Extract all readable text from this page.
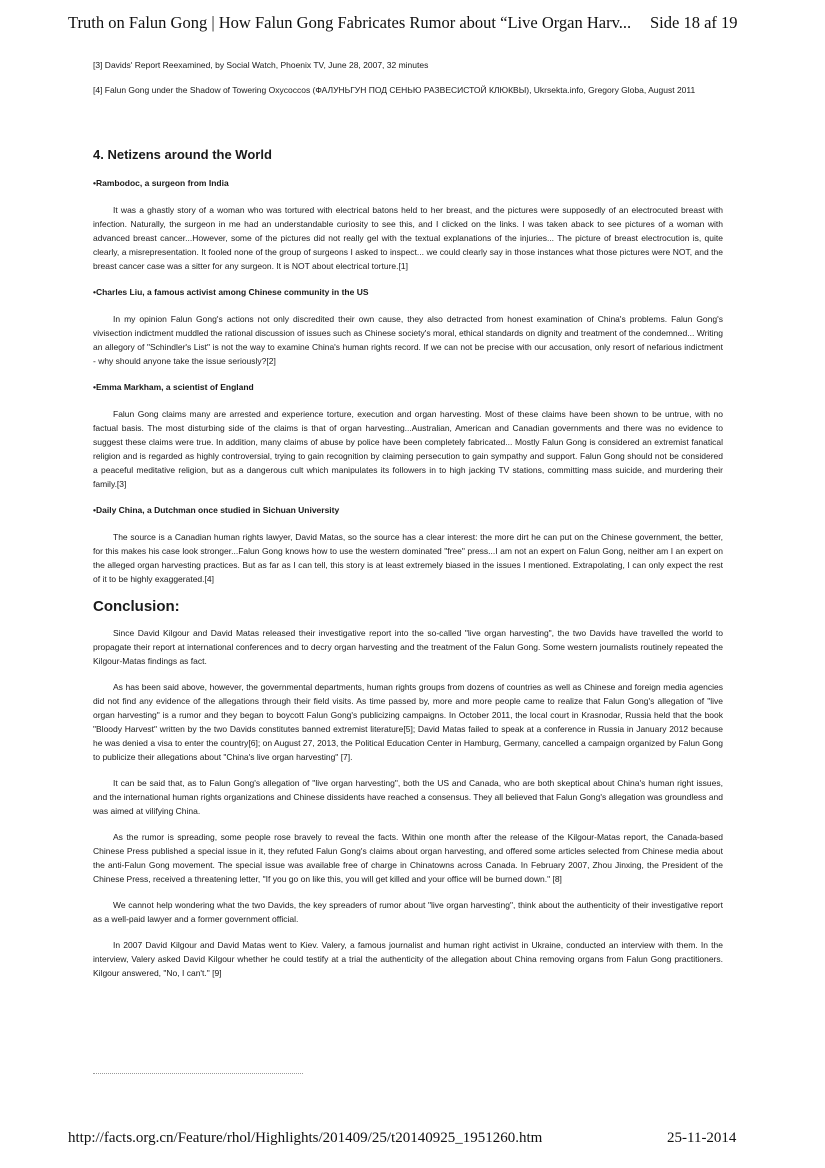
Truth on Falun Gong | How Falun Gong Fabricates Rumor about “Live Organ Harv... Side 18 af 19

[3] Davids' Report Reexamined, by Social Watch, Phoenix TV, June 28, 2007, 32 minutes

[4] Falun Gong under the Shadow of Towering Oxycoccos (ФАЛУНЬГУН ПОД СЕНЬЮ РАЗВЕСИСТОЙ КЛЮКВЫ), Ukrsekta.info, Gregory Globa, August 2011

4. Netizens around the World
•Rambodoc, a surgeon from India

It was a ghastly story of a woman who was tortured with electrical batons held to her breast, and the pictures were supposedly of an electrocuted breast with infection. Naturally, the surgeon in me had an understandable curiosity to see this, and I clicked on the links. I was taken aback to see pictures of a woman with advanced breast cancer...However, some of the pictures did not really gel with the textual explanations of the injuries... The picture of breast electrocution is, quite clearly, a misrepresentation. It fooled none of the group of surgeons I asked to inspect... we could clearly say in those instances what those pictures were NOT, and the breast cancer case was a sitter for any surgeon. It is NOT about electrical torture.[1]

•Charles Liu, a famous activist among Chinese community in the US

In my opinion Falun Gong's actions not only discredited their own cause, they also detracted from honest examination of China's problems. Falun Gong's vivisection indictment muddled the rational discussion of issues such as Chinese society's moral, ethical standards on dignity and treatment of the condemned... Writing an allegory of "Schindler's List" is not the way to examine China's human rights record. If we can not be precise with our accusation, only resort of nefarious indictment - why should anyone take the issue seriously?[2]

•Emma Markham, a scientist of England

Falun Gong claims many are arrested and experience torture, execution and organ harvesting. Most of these claims have been shown to be untrue, with no factual basis. The most disturbing side of the claims is that of organ harvesting...Australian, American and Canadian governments and there was no evidence to suggest these claims were true. In addition, many claims of abuse by police have been completely fabricated... Mostly Falun Gong is considered an extremist fanatical religion and is regarded as highly controversial, trying to gain recognition by claiming persecution to gain sympathy and support. Falun Gong should not be considered a peaceful meditative religion, but as a dangerous cult which manipulates its followers in to high jacking TV stations, committing mass suicide, and murdering their family.[3]

•Daily China, a Dutchman once studied in Sichuan University

The source is a Canadian human rights lawyer, David Matas, so the source has a clear interest: the more dirt he can put on the Chinese government, the better, for this makes his case look stronger...Falun Gong knows how to use the western dominated "free" press...I am not an expert on Falun Gong, neither am I an expert on the alleged organ harvesting practices. But as far as I can tell, this story is at least extremely biased in the issues I mentioned. Extrapolating, I can only expect the rest of it to be highly exaggerated.[4]

Conclusion:

Since David Kilgour and David Matas released their investigative report into the so-called "live organ harvesting", the two Davids have travelled the world to propagate their report at international conferences and to decry organ harvesting and the treatment of the Falun Gong. Some western journalists routinely repeated the Kilgour-Matas findings as fact.

As has been said above, however, the governmental departments, human rights groups from dozens of countries as well as Chinese and foreign media agencies did not find any evidence of the allegations through their field visits. As time passed by, more and more people came to realize that Falun Gong's allegation of "live organ harvesting" is a rumor and they began to boycott Falun Gong's publicizing campaigns. In October 2011, the local court in Krasnodar, Russia held that the book "Bloody Harvest" written by the two Davids constitutes banned extremist literature[5]; David Matas failed to speak at a conference in Russia in January 2012 because he was denied a visa to enter the country[6]; on August 27, 2013, the Political Education Center in Hamburg, Germany, cancelled a campaign organized by Falun Gong to publicize their allegations about "China's live organ harvesting" [7].

It can be said that, as to Falun Gong's allegation of "live organ harvesting", both the US and Canada, who are both skeptical about China's human right issues, and the international human rights organizations and Chinese dissidents have reached a consensus. They all believed that Falun Gong's allegation was groundless and was aimed at vilifying China.

As the rumor is spreading, some people rose bravely to reveal the facts. Within one month after the release of the Kilgour-Matas report, the Canada-based Chinese Press published a special issue in it, they refuted Falun Gong's claims about organ harvesting, and offered some articles selected from Chinese media about the anti-Falun Gong movement. The special issue was available free of charge in Chinatowns across Canada. In February 2007, Zhou Jinxing, the President of the Chinese Press, received a threatening letter, "If you go on like this, you will get killed and your office will be burned down." [8]

We cannot help wondering what the two Davids, the key spreaders of rumor about "live organ harvesting", think about the authenticity of their investigative report as a well-paid lawyer and a former government official.

In 2007 David Kilgour and David Matas went to Kiev. Valery, a famous journalist and human right activist in Ukraine, conducted an interview with them. In the interview, Valery asked David Kilgour whether he could testify at a trial the authenticity of the allegation about China removing organs from Falun Gong practitioners. Kilgour answered, "No, I can't." [9]

http://facts.org.cn/Feature/rhol/Highlights/201409/25/t20140925_1951260.htm	25-11-2014
